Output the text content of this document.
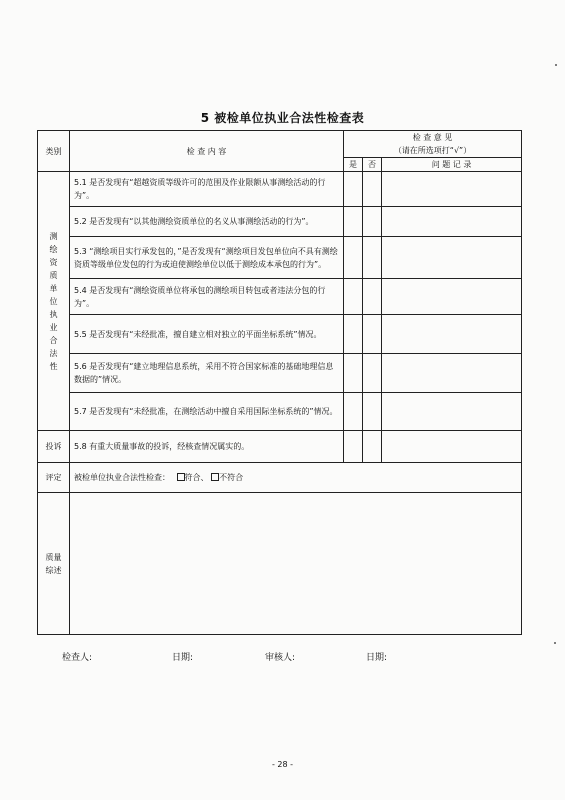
5 被检单位执业合法性检查表
类别	检 查 内 容	检 查 意 见
（请在所选项打“√”）		

		是	否	问 题 记 录

测绘资质单位执业合法性	5.1 是否发现有“超越资质等级许可的范围及作业限额从事测绘活动的行为”。			
	5.2 是否发现有“以其他测绘资质单位的名义从事测绘活动的行为”。			
	5.3 “测绘项目实行承发包的，”是否发现有“测绘项目发包单位向不具有测绘资质等级单位发包的行为或迫使测绘单位以低于测绘成本承包的行为”。			
	5.4 是否发现有“测绘资质单位将承包的测绘项目转包或者违法分包的行为”。			
	5.5 是否发现有“未经批准，擅自建立相对独立的平面坐标系统”情况。			
	5.6 是否发现有“建立地理信息系统，采用不符合国家标准的基础地理信息数据的”情况。			
	5.7 是否发现有“未经批准，在测绘活动中擅自采用国际坐标系统的”情况。			
投诉	5.8 有重大质量事故的投诉，经核查情况属实的。			
评定	被检单位执业合法性检查： 符合、 不符合			

质量综述				

检查人:	日期:	审核人:	日期:
- 28 -
